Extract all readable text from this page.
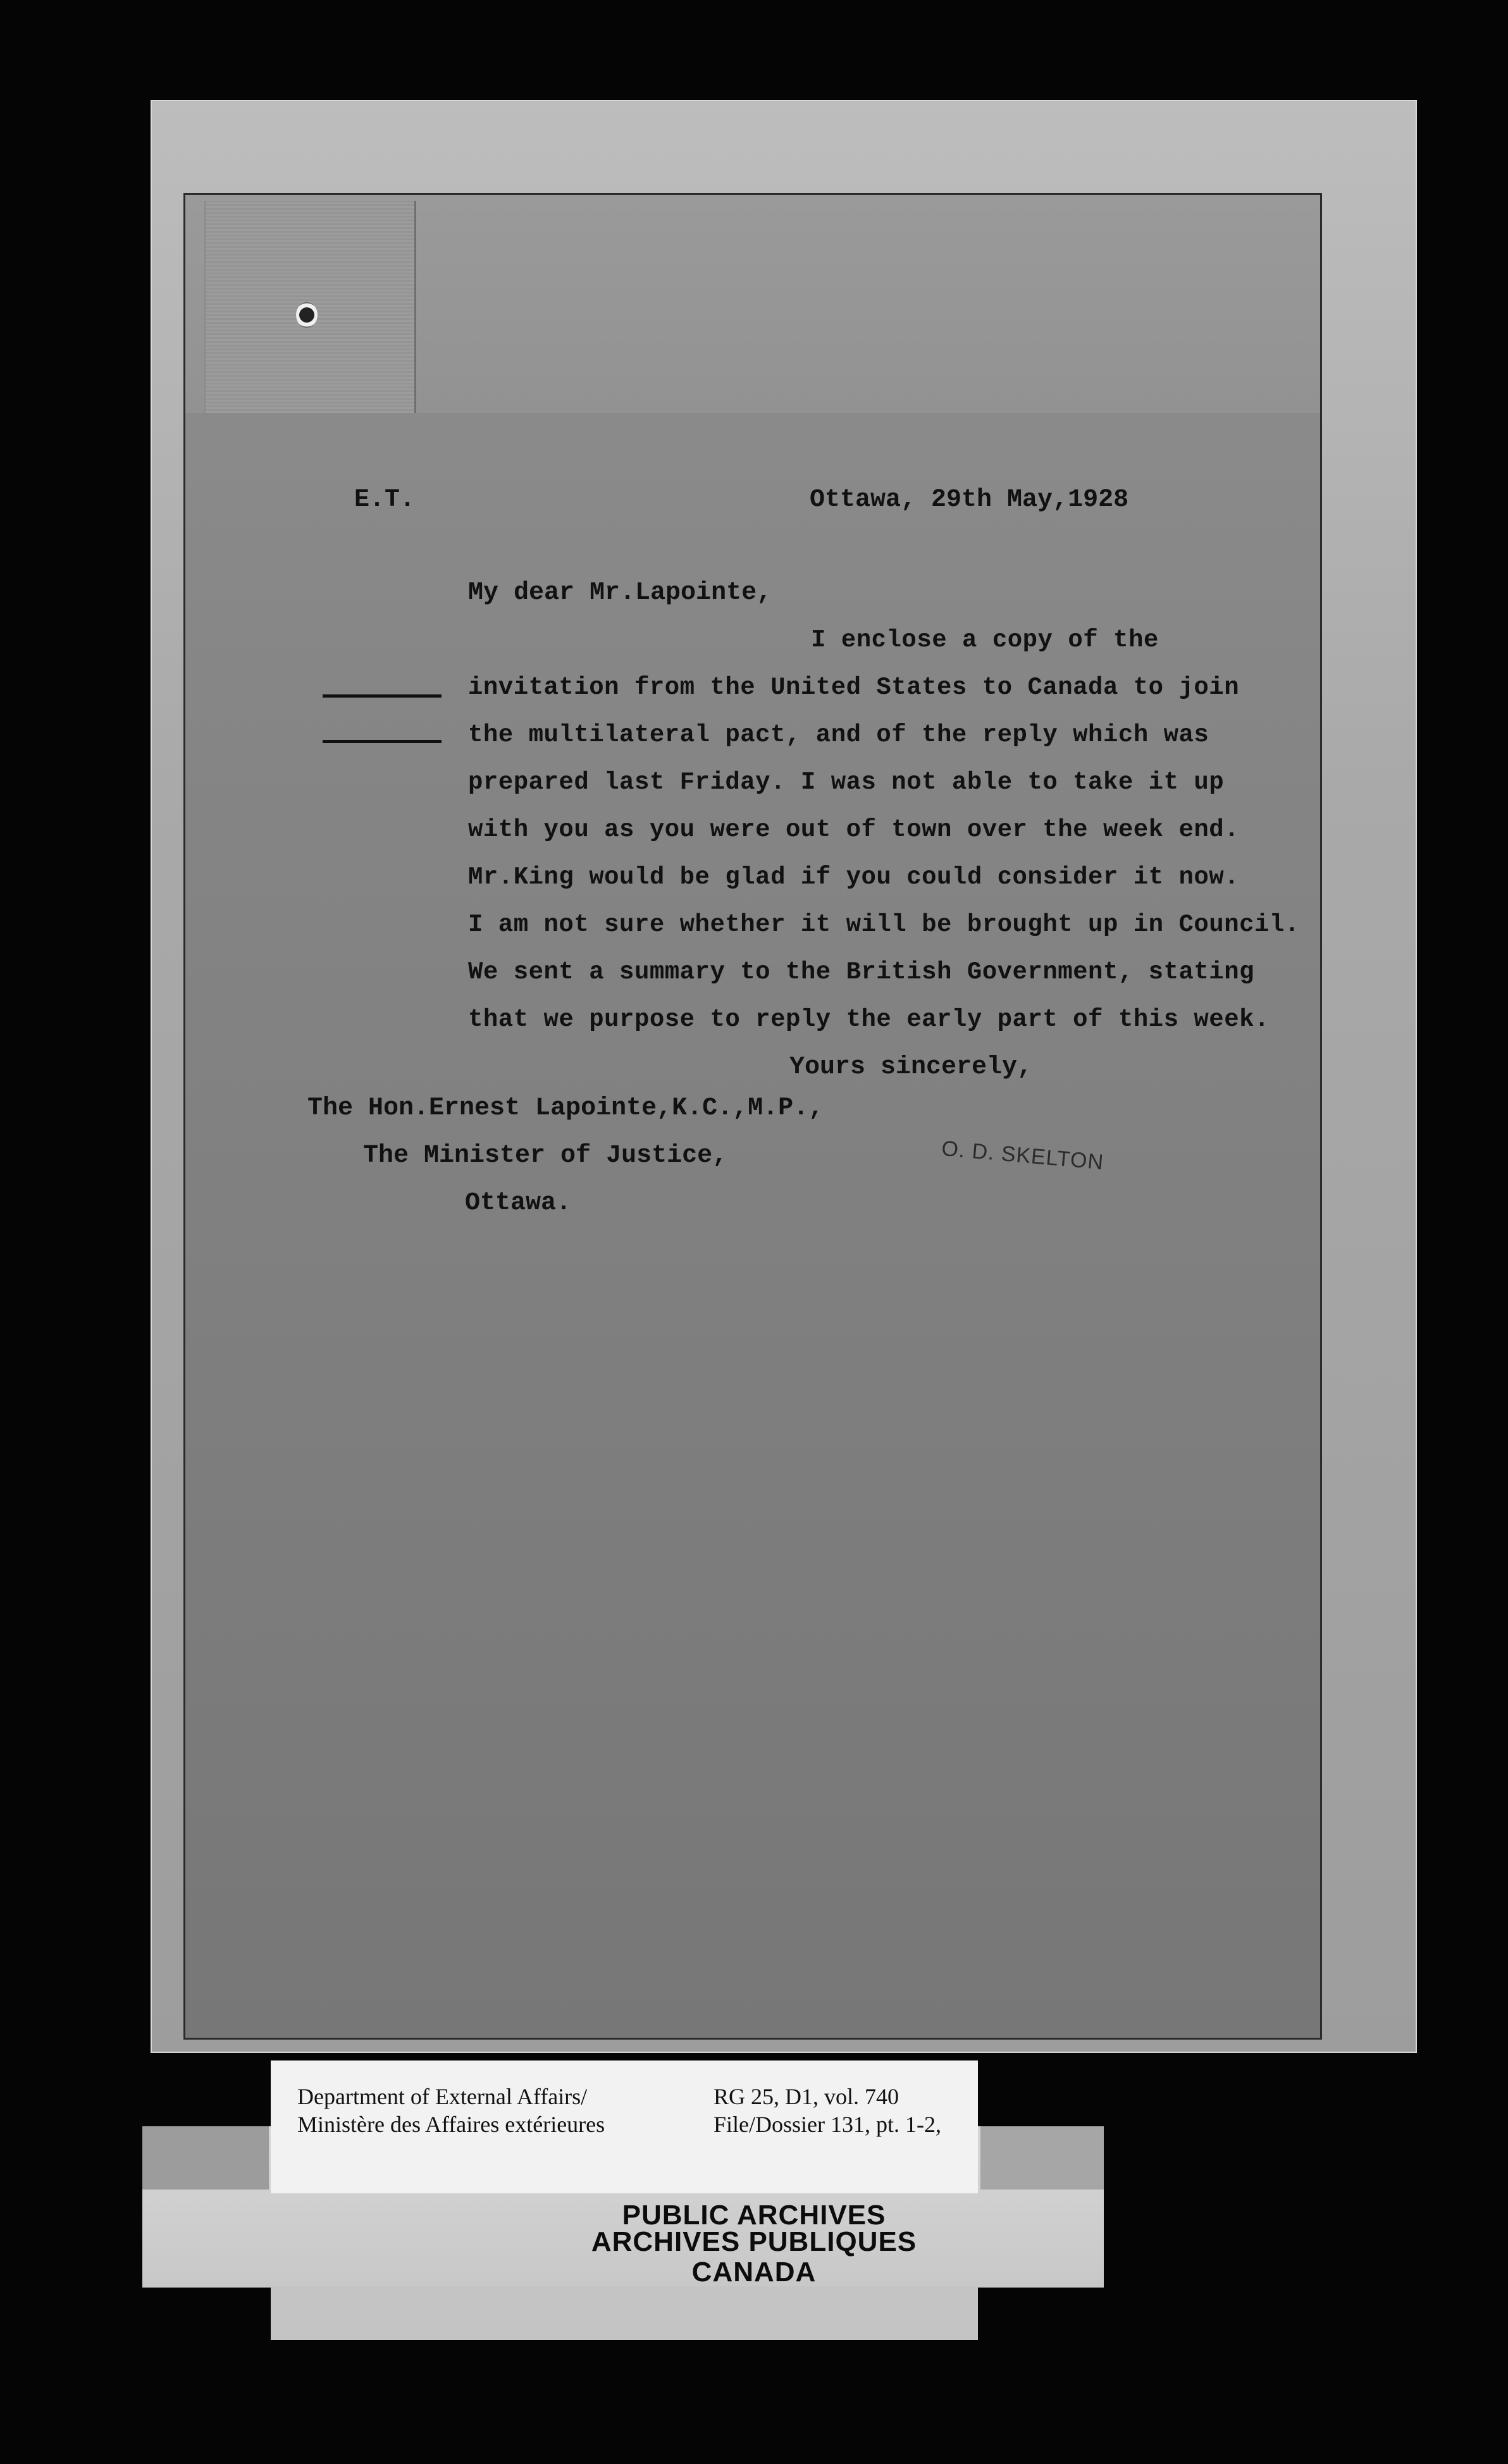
E.T.	Ottawa, 29th May,1928
My dear Mr.Lapointe,
I enclose a copy of the
invitation from the United States to Canada to join
the multilateral pact, and of the reply which was
prepared last Friday. I was not able to take it up
with you as you were out of town over the week end.
Mr.King would be glad if you could consider it now.
I am not sure whether it will be brought up in Council.
We sent a summary to the British Government, stating
that we purpose to reply the early part of this week.
Yours sincerely,
The Hon.Ernest Lapointe,K.C.,M.P.,
The Minister of Justice,
Ottawa.
O. D. SKELTON
Department of External Affairs/
Ministère des Affaires extérieures
RG 25, D1, vol. 740
File/Dossier 131, pt. 1-2,
PUBLIC ARCHIVES
ARCHIVES PUBLIQUES
CANADA
